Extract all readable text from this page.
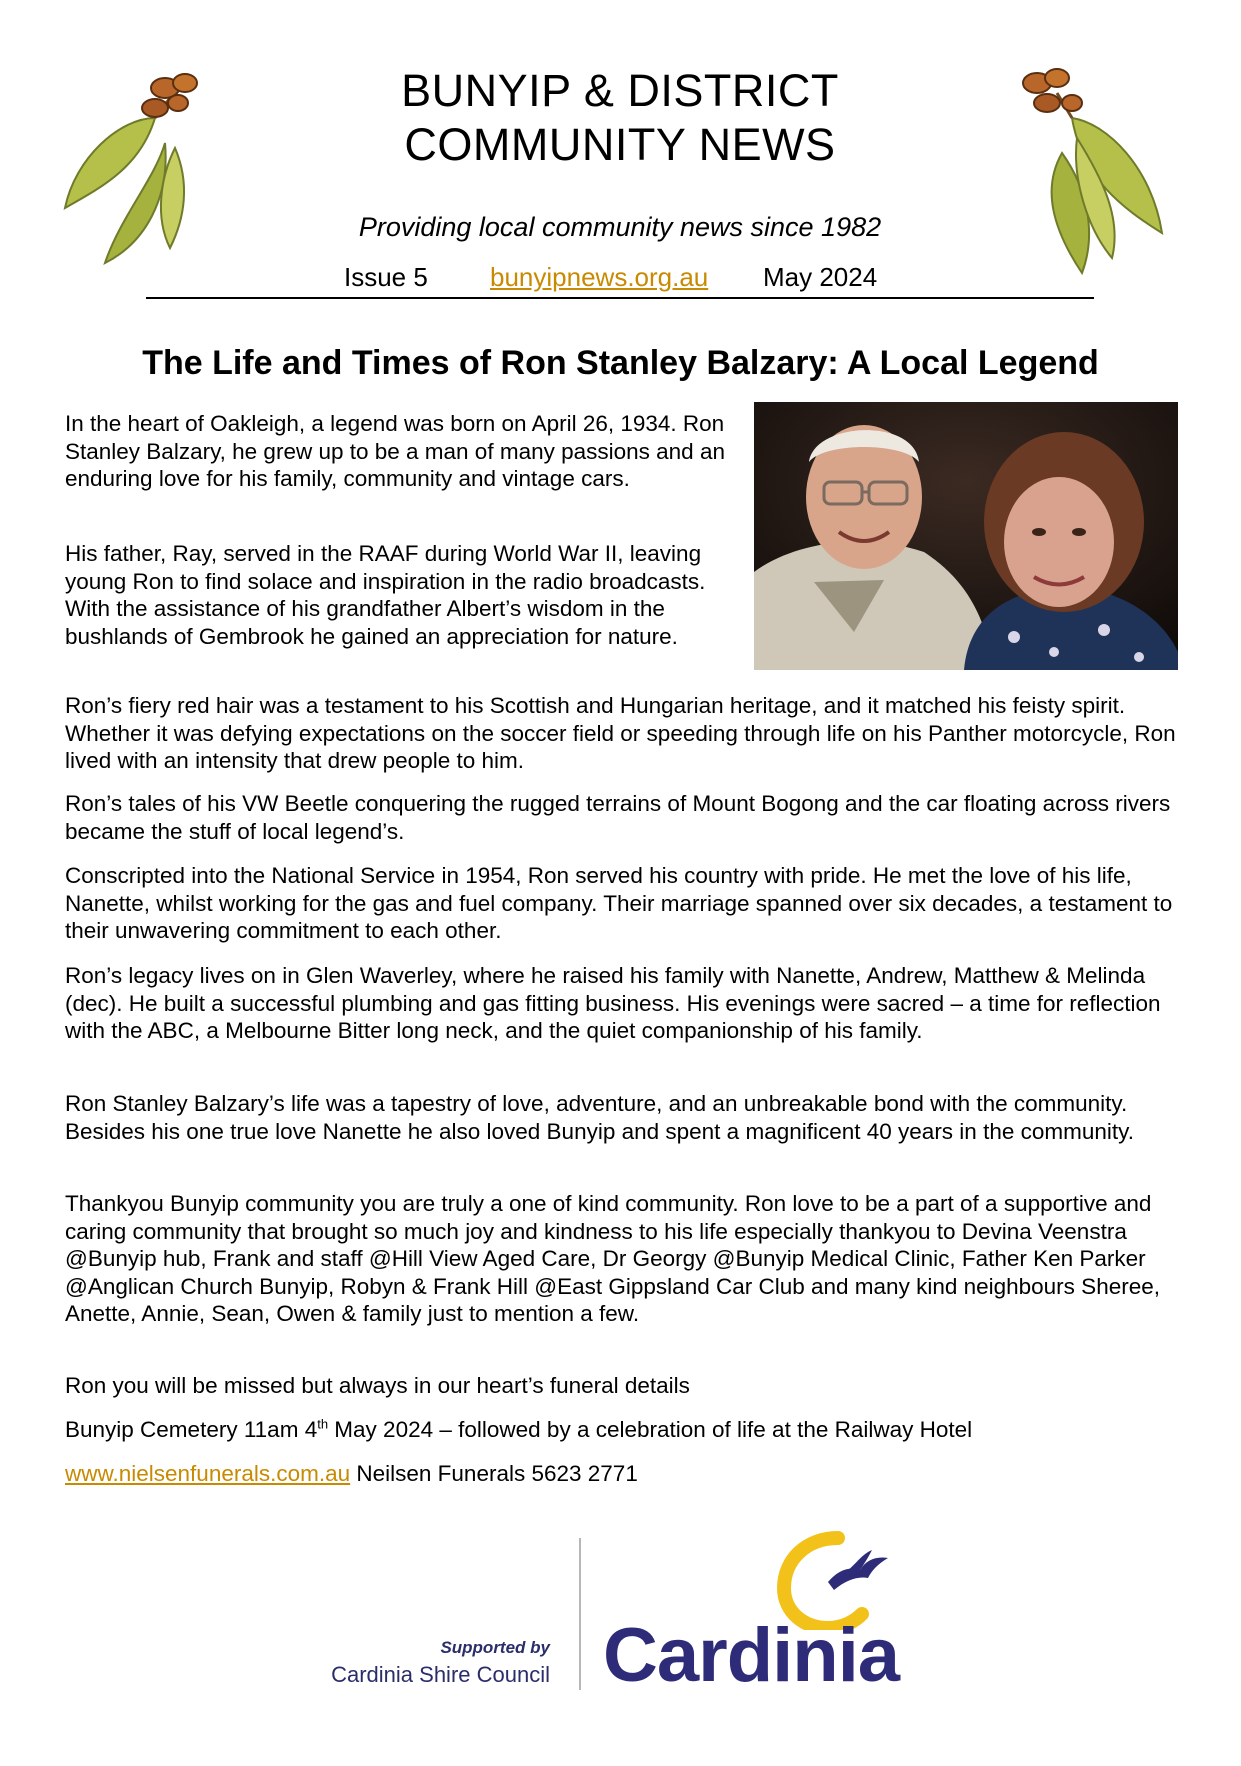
BUNYIP & DISTRICT
COMMUNITY NEWS
Providing local community news since 1982
Issue 5 bunyipnews.org.au May 2024
The Life and Times of Ron Stanley Balzary: A Local Legend

In the heart of Oakleigh, a legend was born on April 26, 1934. Ron Stanley Balzary, he grew up to be a man of many passions and an enduring love for his family, community and vintage cars.

His father, Ray, served in the RAAF during World War II, leaving young Ron to find solace and inspiration in the radio broadcasts. With the assistance of his grandfather Albert’s wisdom in the bushlands of Gembrook he gained an appreciation for nature.

Ron’s fiery red hair was a testament to his Scottish and Hungarian heritage, and it matched his feisty spirit. Whether it was defying expectations on the soccer field or speeding through life on his Panther motorcycle, Ron lived with an intensity that drew people to him.

Ron’s tales of his VW Beetle conquering the rugged terrains of Mount Bogong and the car floating across rivers became the stuff of local legend’s.

Conscripted into the National Service in 1954, Ron served his country with pride. He met the love of his life, Nanette, whilst working for the gas and fuel company. Their marriage spanned over six decades, a testament to their unwavering commitment to each other.

Ron’s legacy lives on in Glen Waverley, where he raised his family with Nanette, Andrew, Matthew & Melinda (dec). He built a successful plumbing and gas fitting business. His evenings were sacred – a time for reflection with the ABC, a Melbourne Bitter long neck, and the quiet companionship of his family.

Ron Stanley Balzary’s life was a tapestry of love, adventure, and an unbreakable bond with the community. Besides his one true love Nanette he also loved Bunyip and spent a magnificent 40 years in the community.

Thankyou Bunyip community you are truly a one of kind community. Ron love to be a part of a supportive and caring community that brought so much joy and kindness to his life especially thankyou to Devina Veenstra @Bunyip hub, Frank and staff @Hill View Aged Care, Dr Georgy @Bunyip Medical Clinic, Father Ken Parker @Anglican Church Bunyip, Robyn & Frank Hill @East Gippsland Car Club and many kind neighbours Sheree, Anette, Annie, Sean, Owen & family just to mention a few.

Ron you will be missed but always in our heart’s funeral details

Bunyip Cemetery 11am 4th May 2024 – followed by a celebration of life at the Railway Hotel

www.nielsenfunerals.com.au Neilsen Funerals 5623 2771

Supported by
Cardinia Shire Council Cardinia
